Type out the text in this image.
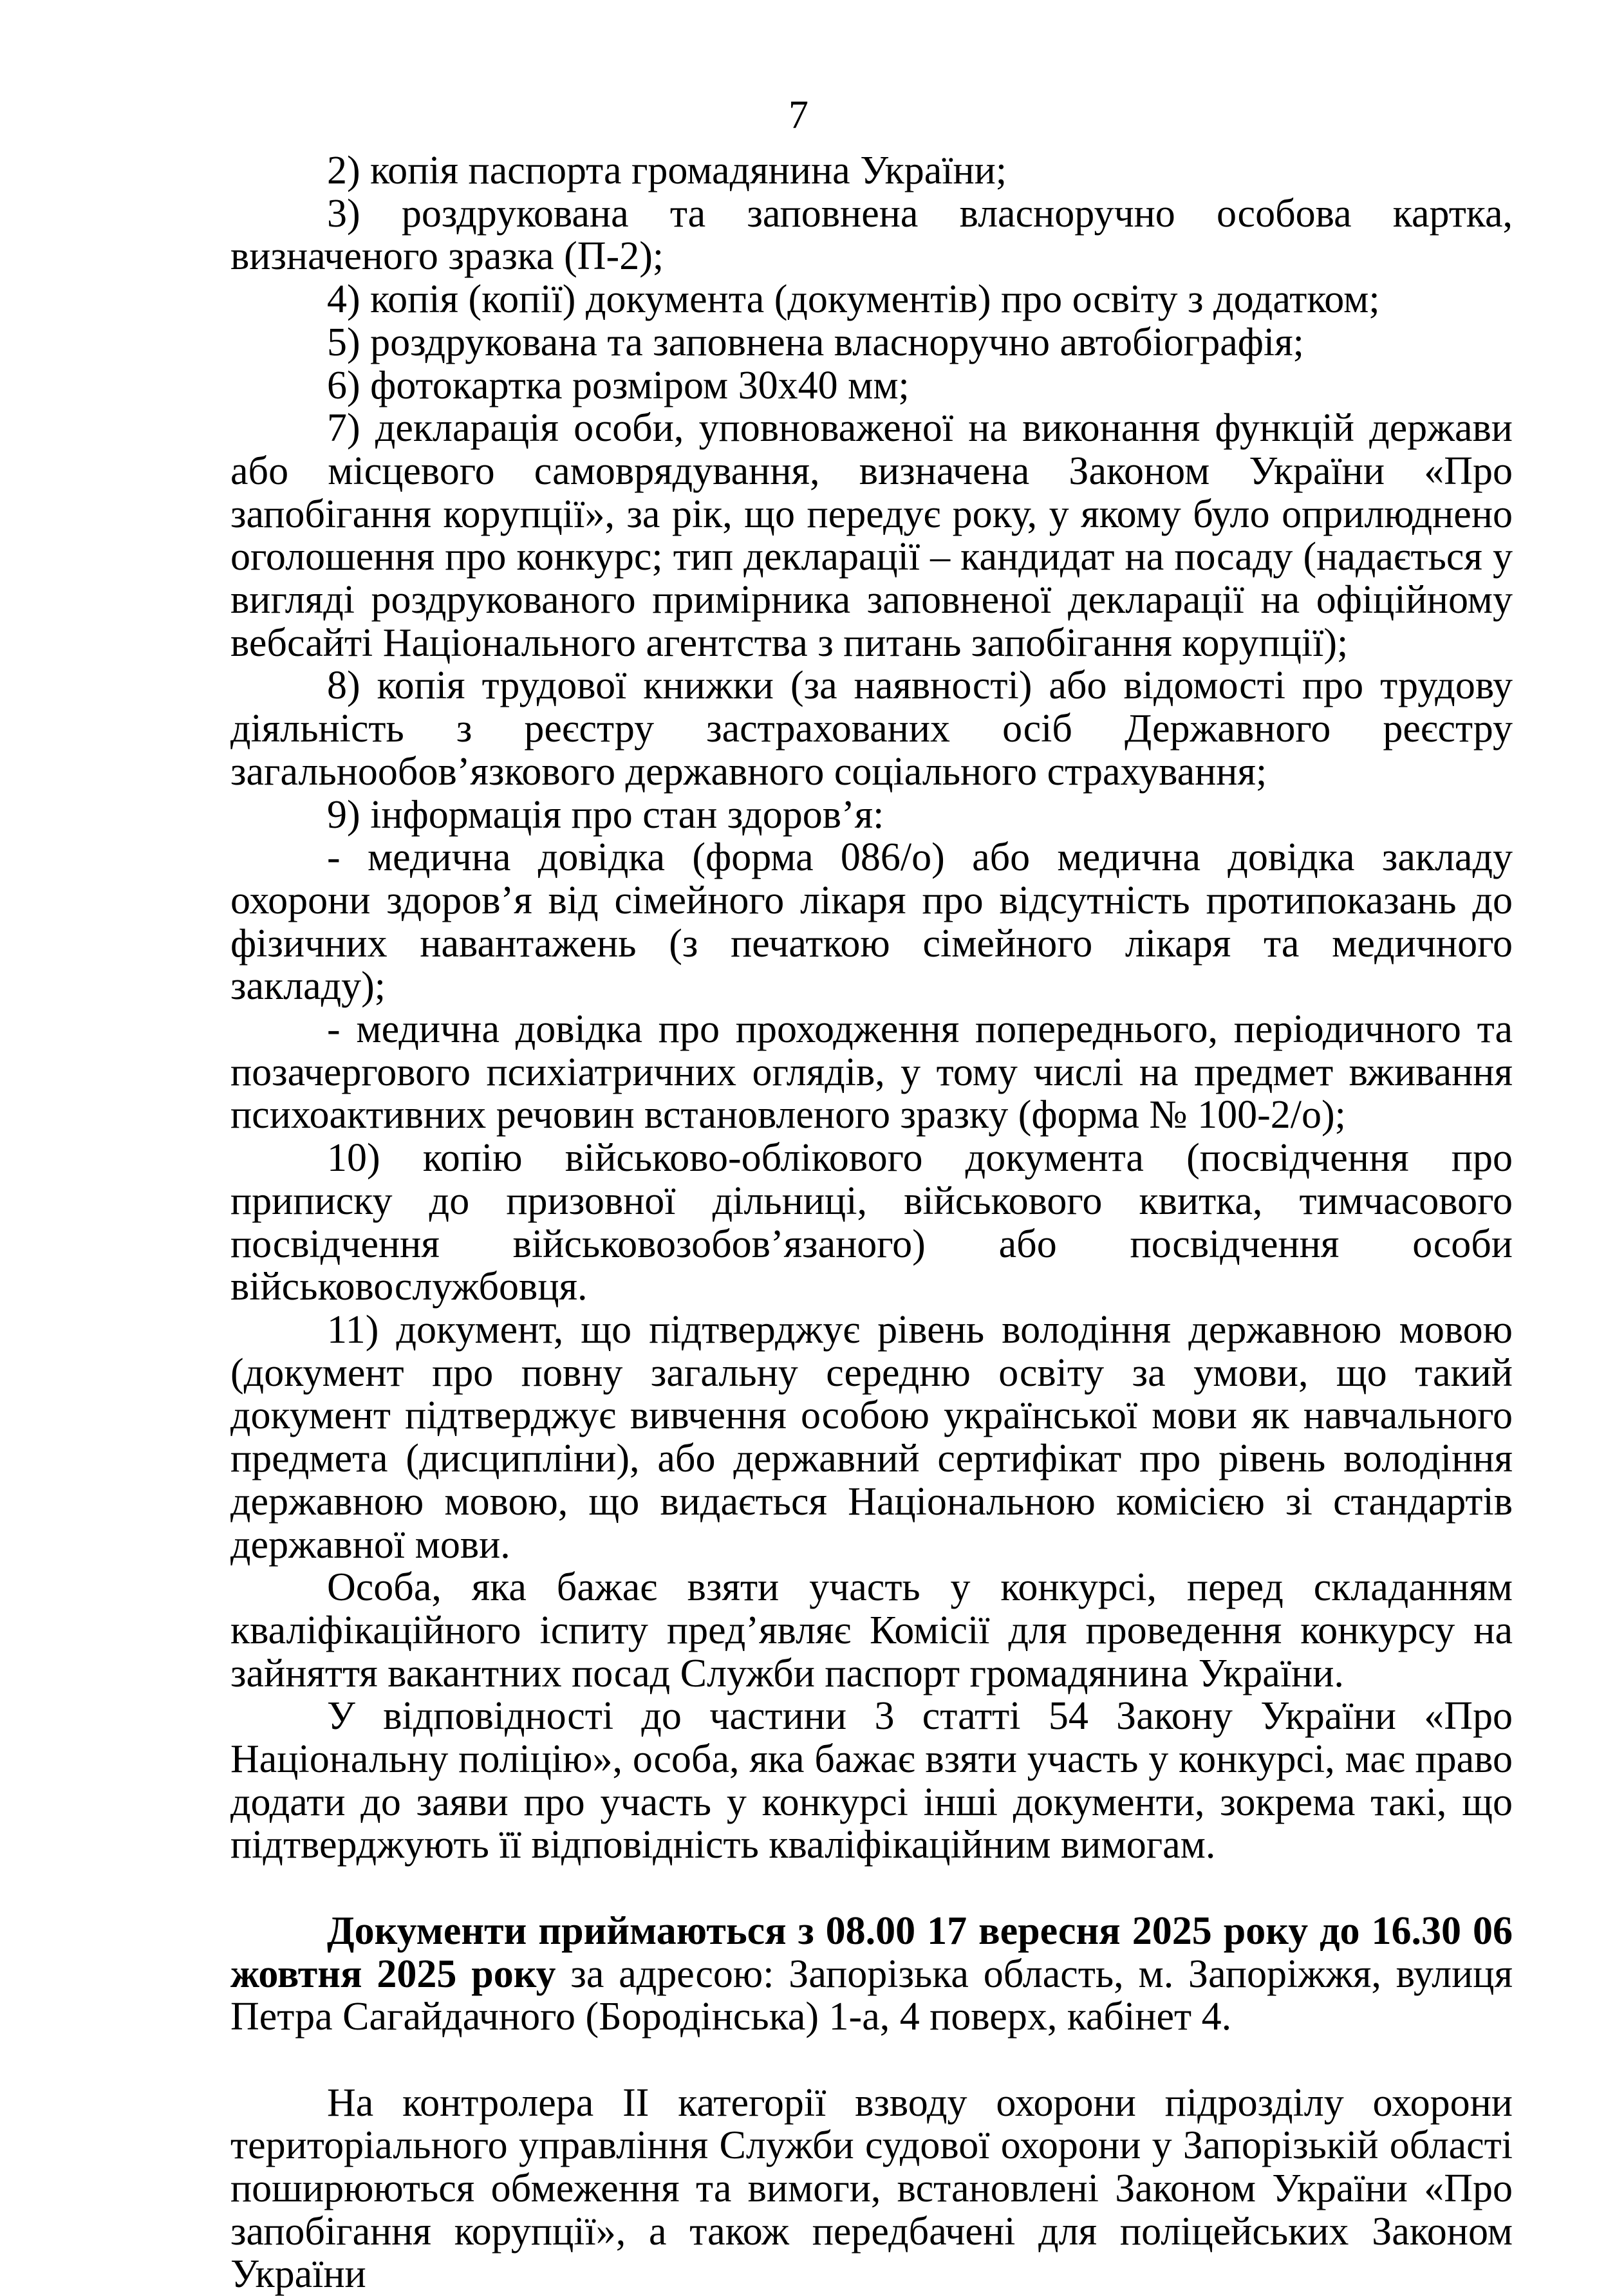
7

2) копія паспорта громадянина України;

3) роздрукована та заповнена власноручно особова картка, визначеного зразка (П-2);

4) копія (копії) документа (документів) про освіту з додатком;

5) роздрукована та заповнена власноручно автобіографія;

6) фотокартка розміром 30х40 мм;

7) декларація особи, уповноваженої на виконання функцій держави або місцевого самоврядування, визначена Законом України «Про запобігання корупції», за рік, що передує року, у якому було оприлюднено оголошення про конкурс; тип декларації – кандидат на посаду (надається у вигляді роздрукованого примірника заповненої декларації на офіційному вебсайті Національного агентства з питань запобігання корупції);

8) копія трудової книжки (за наявності) або відомості про трудову діяльність з реєстру застрахованих осіб Державного реєстру загальнообов’язкового державного соціального страхування;

9) інформація про стан здоров’я:

- медична довідка (форма 086/о) або медична довідка закладу охорони здоров’я від сімейного лікаря про відсутність протипоказань до фізичних навантажень (з печаткою сімейного лікаря та медичного закладу);

- медична довідка про проходження попереднього, періодичного та позачергового психіатричних оглядів, у тому числі на предмет вживання психоактивних речовин встановленого зразку (форма № 100-2/о);

10) копію військово-облікового документа (посвідчення про приписку до призовної дільниці, військового квитка, тимчасового посвідчення військовозобов’язаного) або посвідчення особи військовослужбовця.

11) документ, що підтверджує рівень володіння державною мовою (документ про повну загальну середню освіту за умови, що такий документ підтверджує вивчення особою української мови як навчального предмета (дисципліни), або державний сертифікат про рівень володіння державною мовою, що видається Національною комісією зі стандартів державної мови.

Особа, яка бажає взяти участь у конкурсі, перед складанням кваліфікаційного іспиту пред’являє Комісії для проведення конкурсу на зайняття вакантних посад Служби паспорт громадянина України.

У відповідності до частини 3 статті 54 Закону України «Про Національну поліцію», особа, яка бажає взяти участь у конкурсі, має право додати до заяви про участь у конкурсі інші документи, зокрема такі, що підтверджують її відповідність кваліфікаційним вимогам.

Документи приймаються з 08.00 17 вересня 2025 року до 16.30 06 жовтня 2025 року за адресою: Запорізька область, м. Запоріжжя, вулиця Петра Сагайдачного (Бородінська) 1-а, 4 поверх, кабінет 4.

На контролера ІІ категорії взводу охорони підрозділу охорони територіального управління Служби судової охорони у Запорізькій області поширюються обмеження та вимоги, встановлені Законом України «Про запобігання корупції», а також передбачені для поліцейських Законом України
